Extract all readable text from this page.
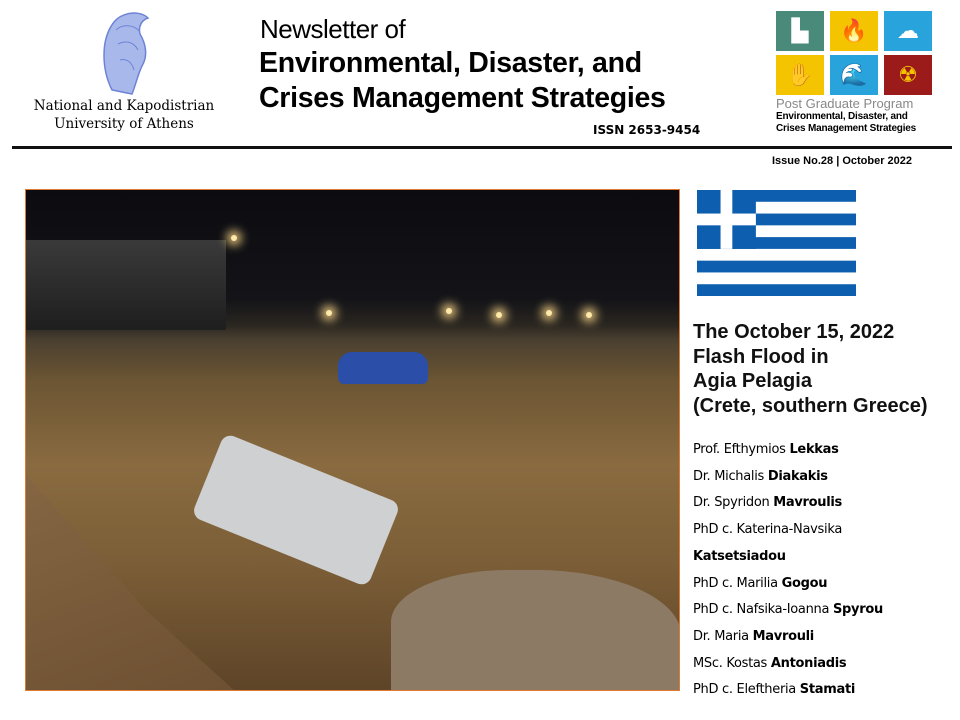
National and Kapodistrian
University of Athens
Newsletter of
Environmental, Disaster, and
Crises Management Strategies
ISSN 2653-9454
▙	🔥	☁
✋	🌊	☢
Post Graduate Program
Environmental, Disaster, and
Crises Management Strategies
Issue No.28 | October 2022
The October 15, 2022
Flash Flood in
Agia Pelagia
(Crete, southern Greece)
Prof. Efthymios Lekkas
Dr. Michalis Diakakis
Dr. Spyridon Mavroulis
PhD c. Katerina-Navsika
Katsetsiadou
PhD c. Marilia Gogou
PhD c. Nafsika-Ioanna Spyrou
Dr. Maria Mavrouli
MSc. Kostas Antoniadis
PhD c. Eleftheria Stamati
